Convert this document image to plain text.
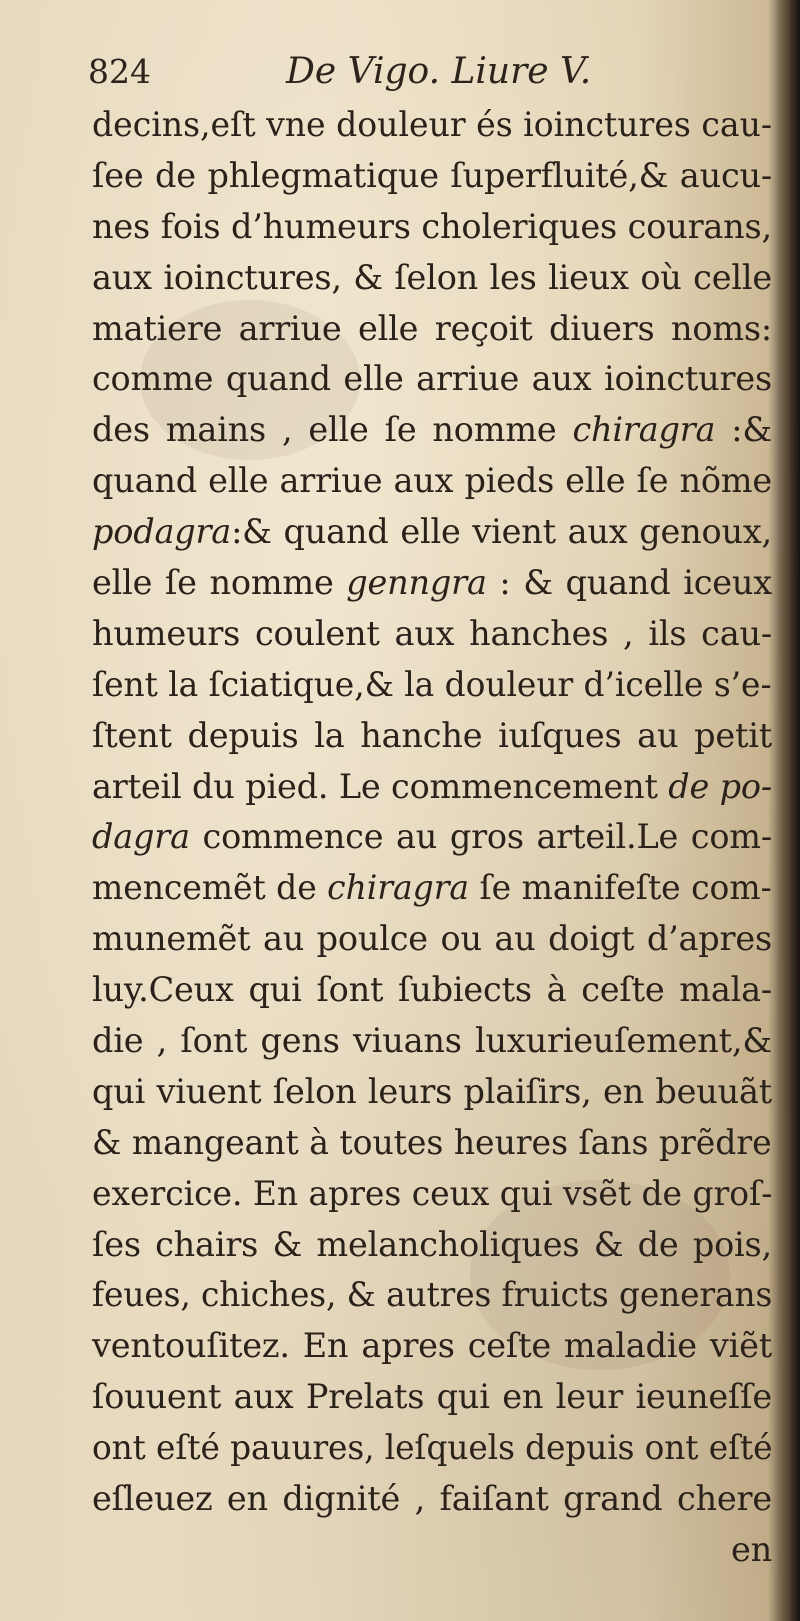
824	De Vigo. Liure V.
decins,eſt vne douleur és ioinctures cau-
ſee de phlegmatique ſuperfluité,& aucu-
nes fois d’humeurs choleriques courans,
aux ioinctures, & ſelon les lieux où celle
matiere arriue elle reçoit diuers noms:
comme quand elle arriue aux ioinctures
des mains , elle ſe nomme chiragra :&
quand elle arriue aux pieds elle ſe nõme
podagra:& quand elle vient aux genoux,
elle ſe nomme genngra : & quand iceux
humeurs coulent aux hanches , ils cau-
ſent la ſciatique,& la douleur d’icelle s’e-
ſtent depuis la hanche iuſques au petit
arteil du pied. Le commencement de po-
dagra commence au gros arteil.Le com-
mencemẽt de chiragra ſe manifeſte com-
munemẽt au poulce ou au doigt d’apres
luy.Ceux qui ſont ſubiects à ceſte mala-
die , ſont gens viuans luxurieuſement,&
qui viuent ſelon leurs plaiſirs, en beuuãt
& mangeant à toutes heures ſans prẽdre
exercice. En apres ceux qui vsẽt de groſ-
ſes chairs & melancholiques & de pois,
feues, chiches, & autres fruicts generans
ventouſitez. En apres ceſte maladie viẽt
ſouuent aux Prelats qui en leur ieuneſſe
ont eſté pauures, leſquels depuis ont eſté
eſleuez en dignité , faiſant grand chere
en
